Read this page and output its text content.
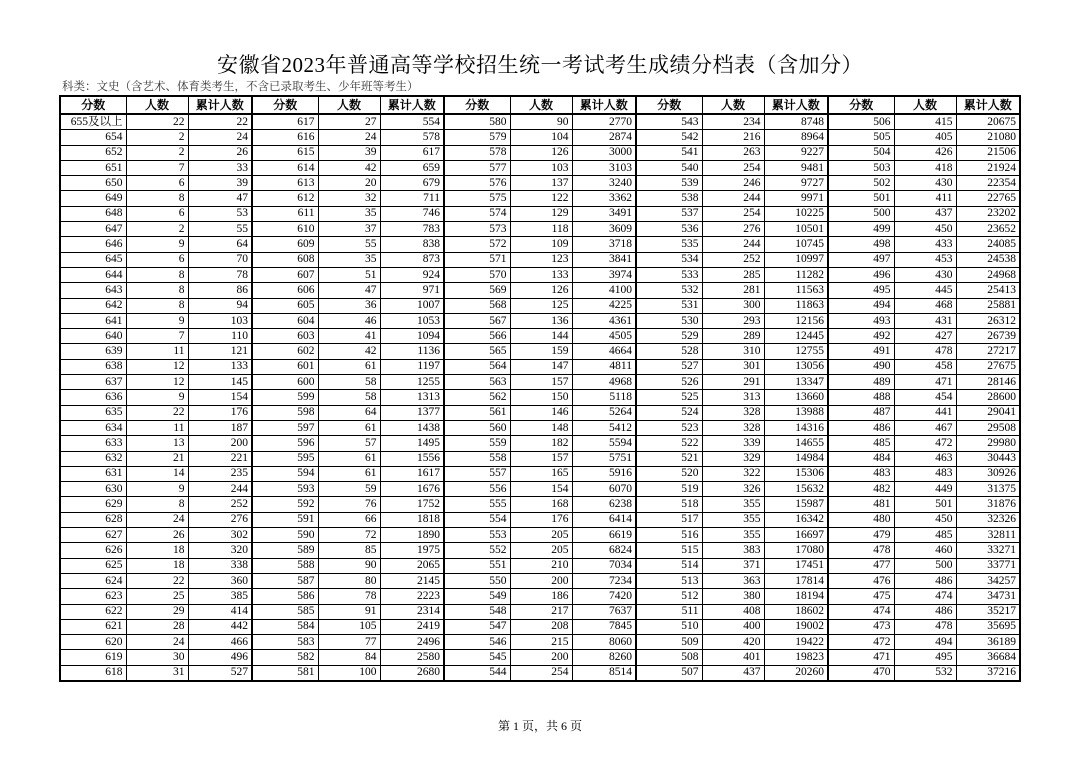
安徽省2023年普通高等学校招生统一考试考生成绩分档表（含加分）
科类：文史（含艺术、体育类考生，不含已录取考生、少年班等考生）
分数	人数	累计人数	分数	人数	累计人数	分数	人数	累计人数	分数	人数	累计人数	分数	人数	累计人数
655及以上	22	22	617	27	554	580	90	2770	543	234	8748	506	415	20675
654	2	24	616	24	578	579	104	2874	542	216	8964	505	405	21080
652	2	26	615	39	617	578	126	3000	541	263	9227	504	426	21506
651	7	33	614	42	659	577	103	3103	540	254	9481	503	418	21924
650	6	39	613	20	679	576	137	3240	539	246	9727	502	430	22354
649	8	47	612	32	711	575	122	3362	538	244	9971	501	411	22765
648	6	53	611	35	746	574	129	3491	537	254	10225	500	437	23202
647	2	55	610	37	783	573	118	3609	536	276	10501	499	450	23652
646	9	64	609	55	838	572	109	3718	535	244	10745	498	433	24085
645	6	70	608	35	873	571	123	3841	534	252	10997	497	453	24538
644	8	78	607	51	924	570	133	3974	533	285	11282	496	430	24968
643	8	86	606	47	971	569	126	4100	532	281	11563	495	445	25413
642	8	94	605	36	1007	568	125	4225	531	300	11863	494	468	25881
641	9	103	604	46	1053	567	136	4361	530	293	12156	493	431	26312
640	7	110	603	41	1094	566	144	4505	529	289	12445	492	427	26739
639	11	121	602	42	1136	565	159	4664	528	310	12755	491	478	27217
638	12	133	601	61	1197	564	147	4811	527	301	13056	490	458	27675
637	12	145	600	58	1255	563	157	4968	526	291	13347	489	471	28146
636	9	154	599	58	1313	562	150	5118	525	313	13660	488	454	28600
635	22	176	598	64	1377	561	146	5264	524	328	13988	487	441	29041
634	11	187	597	61	1438	560	148	5412	523	328	14316	486	467	29508
633	13	200	596	57	1495	559	182	5594	522	339	14655	485	472	29980
632	21	221	595	61	1556	558	157	5751	521	329	14984	484	463	30443
631	14	235	594	61	1617	557	165	5916	520	322	15306	483	483	30926
630	9	244	593	59	1676	556	154	6070	519	326	15632	482	449	31375
629	8	252	592	76	1752	555	168	6238	518	355	15987	481	501	31876
628	24	276	591	66	1818	554	176	6414	517	355	16342	480	450	32326
627	26	302	590	72	1890	553	205	6619	516	355	16697	479	485	32811
626	18	320	589	85	1975	552	205	6824	515	383	17080	478	460	33271
625	18	338	588	90	2065	551	210	7034	514	371	17451	477	500	33771
624	22	360	587	80	2145	550	200	7234	513	363	17814	476	486	34257
623	25	385	586	78	2223	549	186	7420	512	380	18194	475	474	34731
622	29	414	585	91	2314	548	217	7637	511	408	18602	474	486	35217
621	28	442	584	105	2419	547	208	7845	510	400	19002	473	478	35695
620	24	466	583	77	2496	546	215	8060	509	420	19422	472	494	36189
619	30	496	582	84	2580	545	200	8260	508	401	19823	471	495	36684
618	31	527	581	100	2680	544	254	8514	507	437	20260	470	532	37216
第 1 页，共 6 页
